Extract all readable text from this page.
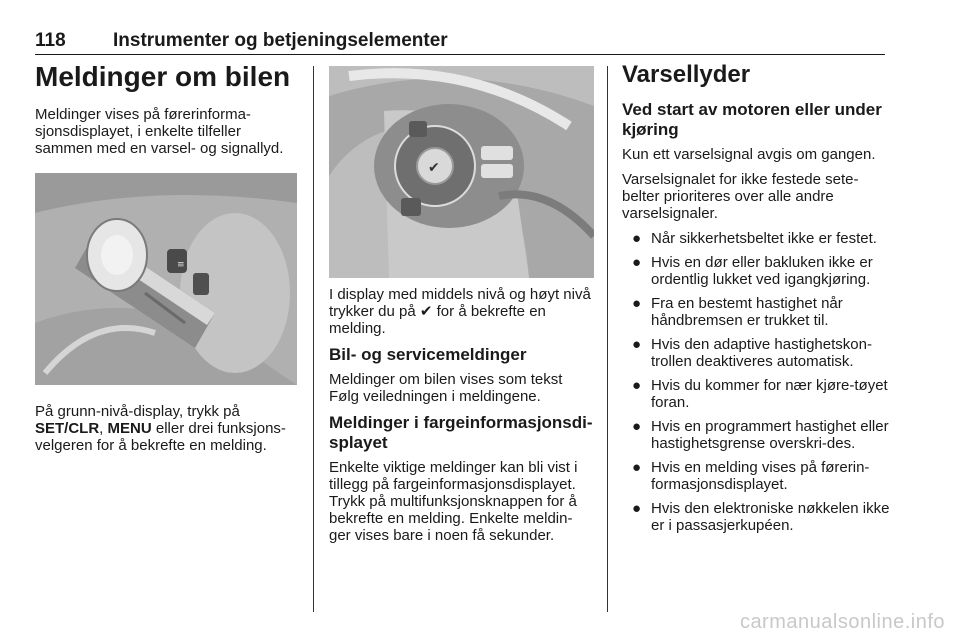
118 Instrumenter og betjeningselementer
Meldinger om bilen

Meldinger vises på førerinforma-sjonsdisplayet, i enkelte tilfeller sammen med en varsel- og signallyd.

≡

På grunn-nivå-display, trykk på
SET/CLR, MENU eller drei funksjons-velgeren for å bekrefte en melding.

✔

I display med middels nivå og høyt nivå trykker du på ✔ for å bekrefte en melding.

Bil- og servicemeldinger

Meldinger om bilen vises som tekst Følg veiledningen i meldingene.

Meldinger i fargeinformasjonsdi-splayet

Enkelte viktige meldinger kan bli vist i tillegg på fargeinformasjonsdisplayet. Trykk på multifunksjonsknappen for å bekrefte en melding. Enkelte meldin-ger vises bare i noen få sekunder.

Varsellyder
Ved start av motoren eller under kjøring

Kun ett varselsignal avgis om gangen.

Varselsignalet for ikke festede sete-belter prioriteres over alle andre varselsignaler.

● Når sikkerhetsbeltet ikke er festet.
● Hvis en dør eller bakluken ikke er ordentlig lukket ved igangkjøring.
● Fra en bestemt hastighet når håndbremsen er trukket til.
● Hvis den adaptive hastighetskon-trollen deaktiveres automatisk.
● Hvis du kommer for nær kjøre-tøyet foran.
● Hvis en programmert hastighet eller hastighetsgrense overskri-des.
● Hvis en melding vises på førerin-formasjonsdisplayet.
● Hvis den elektroniske nøkkelen ikke er i passasjerkupéen.
carmanualsonline.info
